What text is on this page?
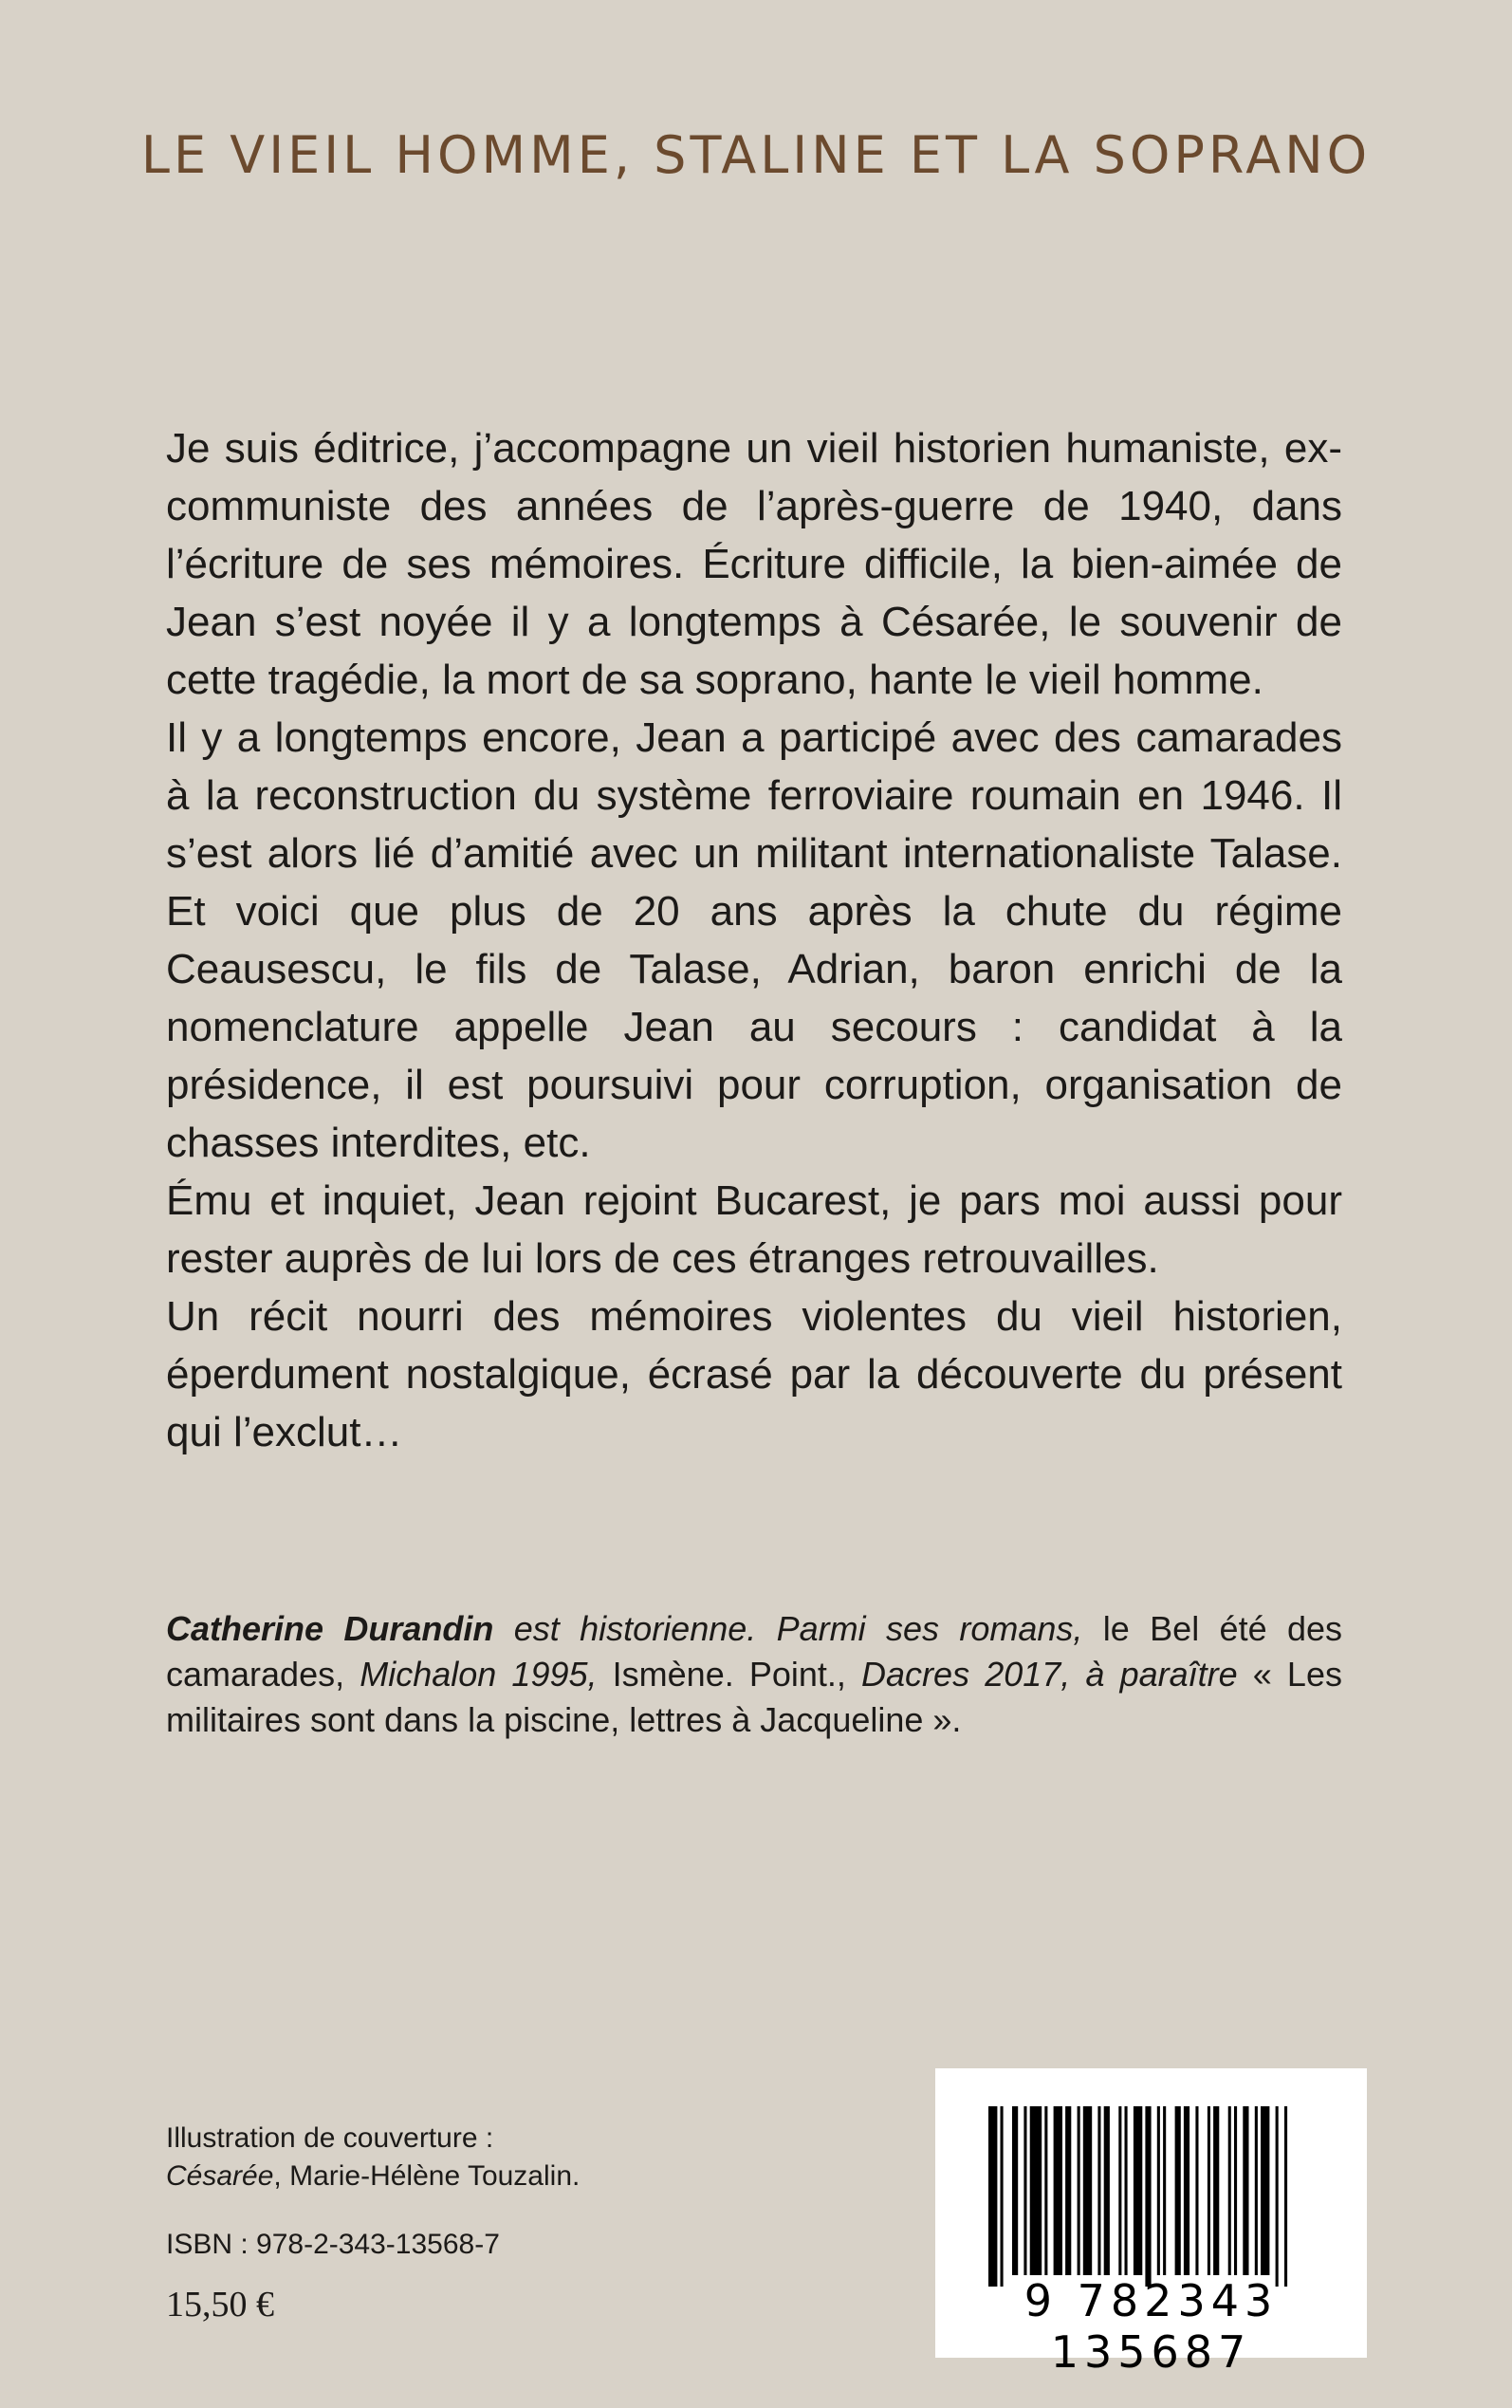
LE VIEIL HOMME, STALINE ET LA SOPRANO

Je suis éditrice, j’accompagne un vieil historien humaniste, ex-communiste des années de l’après-guerre de 1940, dans l’écriture de ses mémoires. Écriture difficile, la bien-aimée de Jean s’est noyée il y a longtemps à Césarée, le souvenir de cette tragédie, la mort de sa soprano, hante le vieil homme.

Il y a longtemps encore, Jean a participé avec des camarades à la reconstruction du système ferroviaire roumain en 1946. Il s’est alors lié d’amitié avec un militant internationaliste Talase. Et voici que plus de 20 ans après la chute du régime Ceausescu, le fils de Talase, Adrian, baron enrichi de la nomenclature appelle Jean au secours : candidat à la présidence, il est poursuivi pour corruption, organisation de chasses interdites, etc.

Ému et inquiet, Jean rejoint Bucarest, je pars moi aussi pour rester auprès de lui lors de ces étranges retrouvailles.

Un récit nourri des mémoires violentes du vieil historien, éperdument nostalgique, écrasé par la découverte du présent qui l’exclut…

Catherine Durandin est historienne. Parmi ses romans, le Bel été des camarades, Michalon 1995, Ismène. Point., Dacres 2017, à paraître « Les militaires sont dans la piscine, lettres à Jacqueline ».

Illustration de couverture :
Césarée, Marie-Hélène Touzalin.

ISBN : 978-2-343-13568-7

15,50 €	9 782343 135687
